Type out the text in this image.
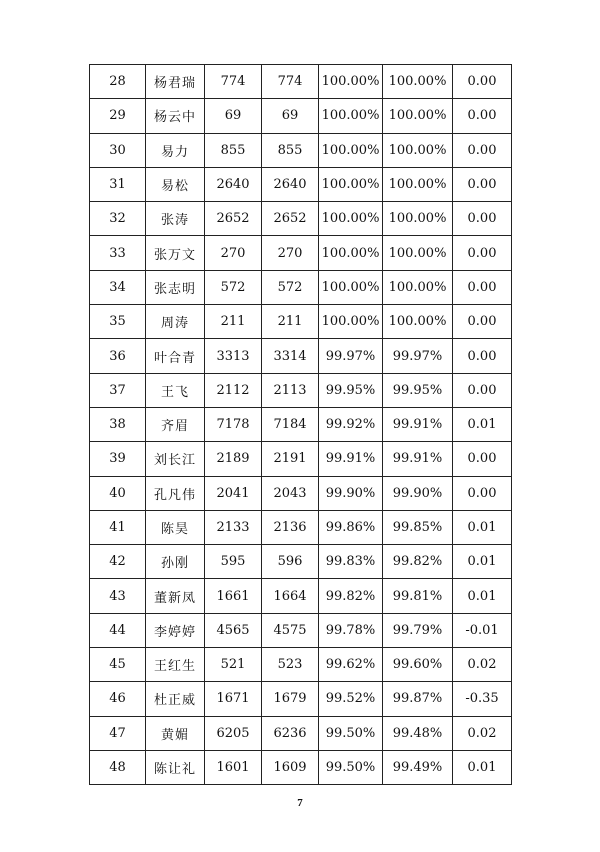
28	杨君瑞	774	774	100.00%	100.00%	0.00
29	杨云中	69	69	100.00%	100.00%	0.00
30	易力	855	855	100.00%	100.00%	0.00
31	易松	2640	2640	100.00%	100.00%	0.00
32	张涛	2652	2652	100.00%	100.00%	0.00
33	张万文	270	270	100.00%	100.00%	0.00
34	张志明	572	572	100.00%	100.00%	0.00
35	周涛	211	211	100.00%	100.00%	0.00
36	叶合青	3313	3314	99.97%	99.97%	0.00
37	王飞	2112	2113	99.95%	99.95%	0.00
38	齐眉	7178	7184	99.92%	99.91%	0.01
39	刘长江	2189	2191	99.91%	99.91%	0.00
40	孔凡伟	2041	2043	99.90%	99.90%	0.00
41	陈昊	2133	2136	99.86%	99.85%	0.01
42	孙刚	595	596	99.83%	99.82%	0.01
43	董新凤	1661	1664	99.82%	99.81%	0.01
44	李婷婷	4565	4575	99.78%	99.79%	-0.01
45	王红生	521	523	99.62%	99.60%	0.02
46	杜正威	1671	1679	99.52%	99.87%	-0.35
47	黄媚	6205	6236	99.50%	99.48%	0.02
48	陈让礼	1601	1609	99.50%	99.49%	0.01
7
